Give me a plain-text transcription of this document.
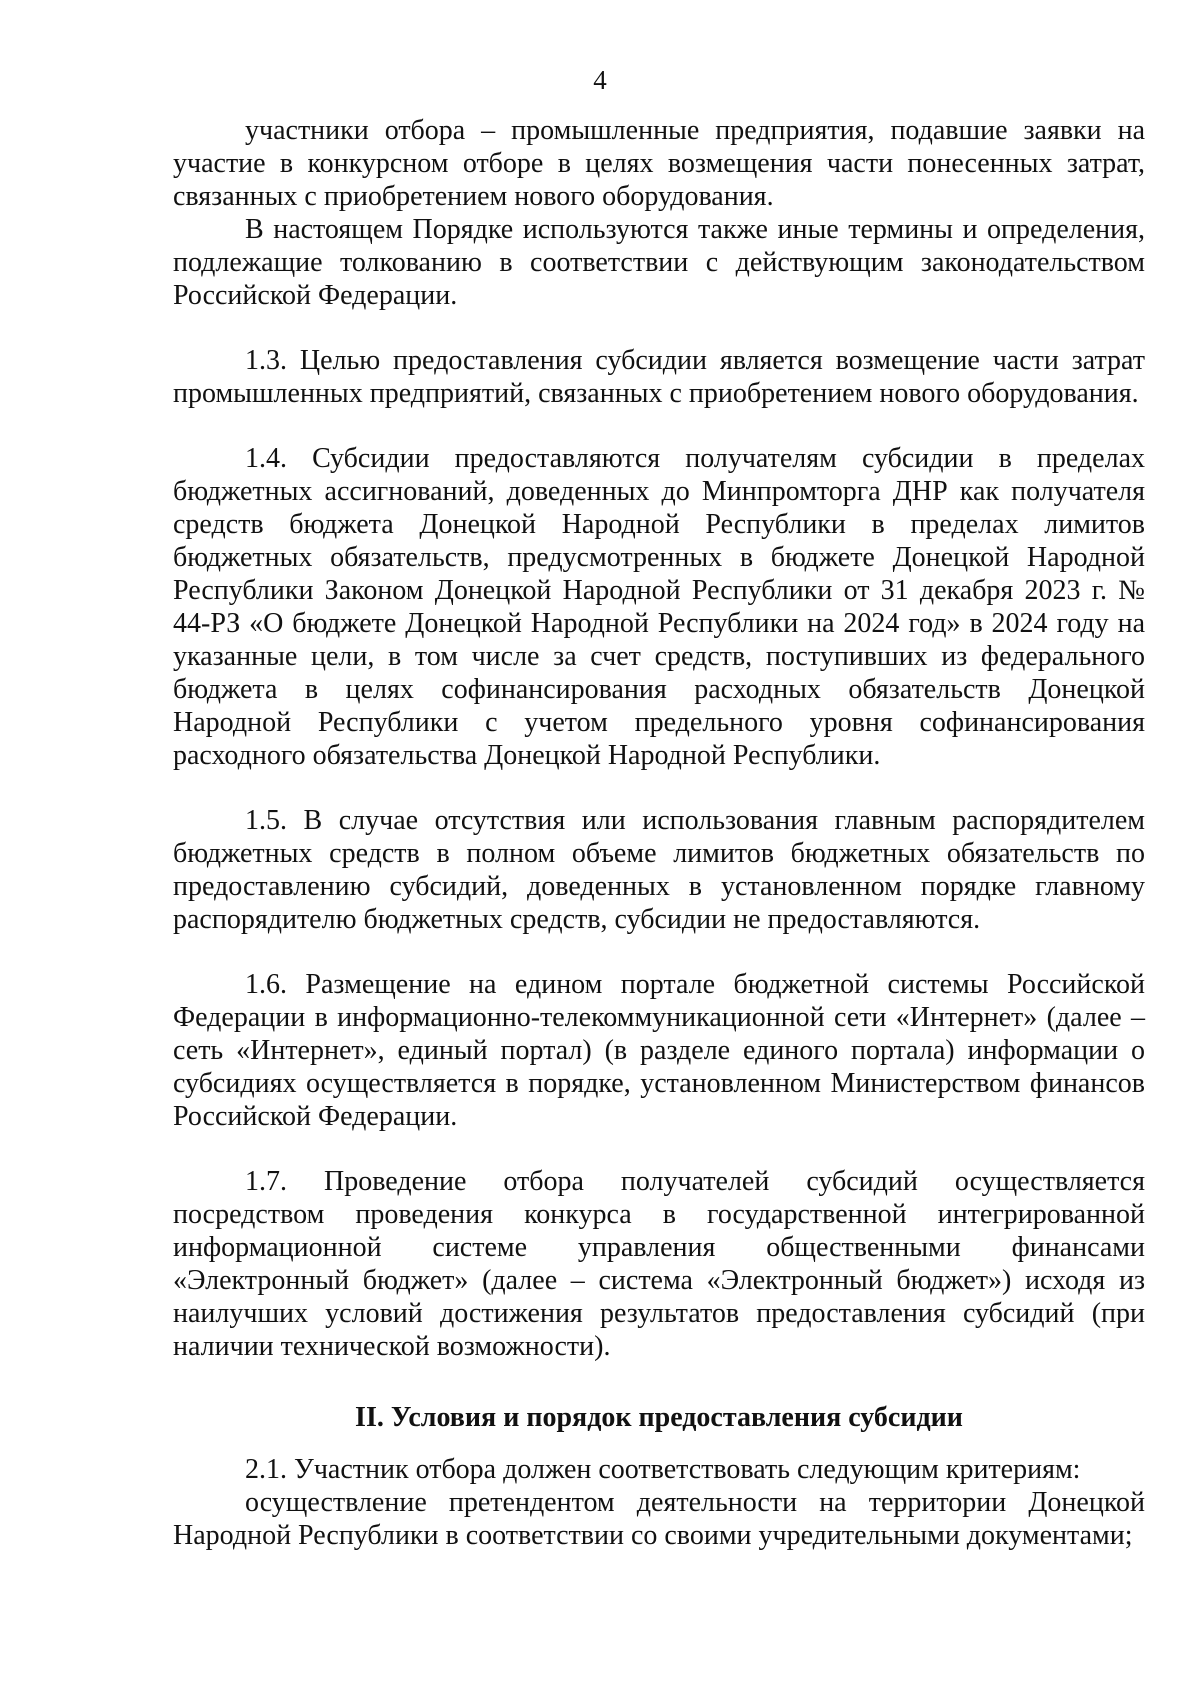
4

участники отбора – промышленные предприятия, подавшие заявки на участие в конкурсном отборе в целях возмещения части понесенных затрат, связанных с приобретением нового оборудования.

В настоящем Порядке используются также иные термины и определения, подлежащие толкованию в соответствии с действующим законодательством Российской Федерации.

1.3. Целью предоставления субсидии является возмещение части затрат промышленных предприятий, связанных с приобретением нового оборудования.

1.4. Субсидии предоставляются получателям субсидии в пределах бюджетных ассигнований, доведенных до Минпромторга ДНР как получателя средств бюджета Донецкой Народной Республики в пределах лимитов бюджетных обязательств, предусмотренных в бюджете Донецкой Народной Республики Законом Донецкой Народной Республики от 31 декабря 2023 г. № 44-РЗ «О бюджете Донецкой Народной Республики на 2024 год» в 2024 году на указанные цели, в том числе за счет средств, поступивших из федерального бюджета в целях софинансирования расходных обязательств Донецкой Народной Республики с учетом предельного уровня софинансирования расходного обязательства Донецкой Народной Республики.

1.5. В случае отсутствия или использования главным распорядителем бюджетных средств в полном объеме лимитов бюджетных обязательств по предоставлению субсидий, доведенных в установленном порядке главному распорядителю бюджетных средств, субсидии не предоставляются.

1.6. Размещение на едином портале бюджетной системы Российской Федерации в информационно-телекоммуникационной сети «Интернет» (далее – сеть «Интернет», единый портал) (в разделе единого портала) информации о субсидиях осуществляется в порядке, установленном Министерством финансов Российской Федерации.

1.7. Проведение отбора получателей субсидий осуществляется посредством проведения конкурса в государственной интегрированной информационной системе управления общественными финансами «Электронный бюджет» (далее – система «Электронный бюджет») исходя из наилучших условий достижения результатов предоставления субсидий (при наличии технической возможности).

II. Условия и порядок предоставления субсидии

2.1. Участник отбора должен соответствовать следующим критериям:

осуществление претендентом деятельности на территории Донецкой Народной Республики в соответствии со своими учредительными документами;
